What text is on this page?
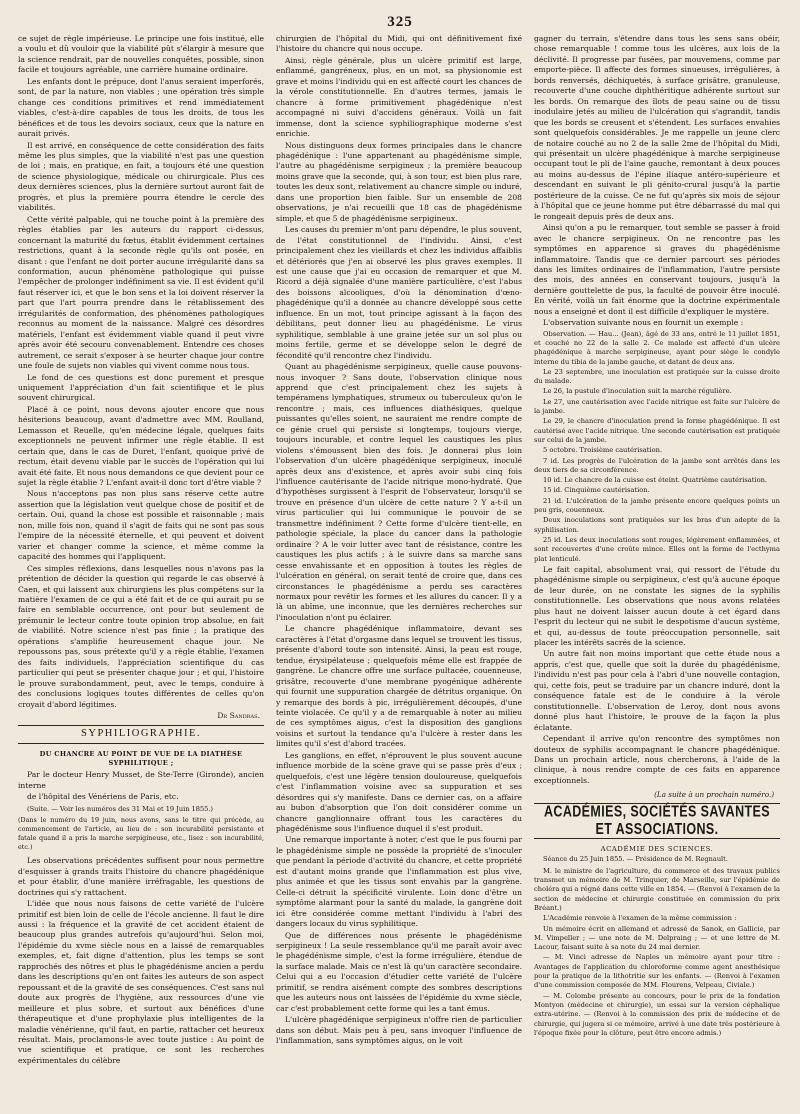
325

ce sujet de règle impérieuse. Le principe une fois institué, elle a voulu et dû vouloir que la viabilité pût s'élargir à mesure que la science rendrait, par de nouvelles conquêtes, possible, sinon facile et toujours agréable, une carrière humaine ordinaire.

Les enfants dont le prépuce, dont l'anus seraient imperforés, sont, de par la nature, non viables ; une opération très simple change ces conditions primitives et rend immédiatement viables, c'est-à-dire capables de tous les droits, de tous les bénéfices et de tous les devoirs sociaux, ceux que la nature en aurait privés.

Il est arrivé, en conséquence de cette considération des faits même les plus simples, que la viabilité n'est pas une question de loi ; mais, en pratique, en fait, a toujours été une question de science physiologique, médicale ou chirurgicale. Plus ces deux dernières sciences, plus la dernière surtout auront fait de progrès, et plus la première pourra étendre le cercle des viabilités.

Cette vérité palpable, qui ne touche point à la première des règles établies par les auteurs du rapport ci-dessus, concernant la maturité du fœtus, établit évidemment certaines restrictions, quant à la seconde règle qu'ils ont posée, en disant : que l'enfant ne doit porter aucune irrégularité dans sa conformation, aucun phénomène pathologique qui puisse l'empêcher de prolonger indéfiniment sa vie. Il est évident qu'il faut réserver ici, et que le bon sens et la loi doivent réserver la part que l'art pourra prendre dans le rétablissement des irrégularités de conformation, des phénomènes pathologiques reconnus au moment de la naissance. Malgré ces désordres matériels, l'enfant est évidemment viable quand il peut vivre après avoir été secouru convenablement. Entendre ces choses autrement, ce serait s'exposer à se heurter chaque jour contre une foule de sujets non viables qui vivent comme nous tous.

Le fond de ces questions est donc purement et presque uniquement l'appréciation d'un fait scientifique et le plus souvent chirurgical.

Placé à ce point, nous devons ajouter encore que nous hésiterions beaucoup, avant d'admettre avec MM. Roulland, Lemasson et Reuelle, qu'en médecine légale, quelques faits exceptionnels ne peuvent infirmer une règle établie. Il est certain que, dans le cas de Duret, l'enfant, quoique privé de rectum, était devenu viable par le succès de l'opération qui lui avait été faite. Et nous nous demandons ce que devient pour ce sujet la règle établie ? L'enfant avait-il donc tort d'être viable ?

Nous n'acceptons pas non plus sans réserve cette autre assertion que la législation veut quelque chose de positif et de certain. Oui, quand la chose est possible et raisonnable ; mais non, mille fois non, quand il s'agit de faits qui ne sont pas sous l'empire de la nécessité éternelle, et qui peuvent et doivent varier et changer comme la science, et même comme la capacité des hommes qui l'appliquent.

Ces simples réflexions, dans lesquelles nous n'avons pas la prétention de décider la question qui regarde le cas observé à Caen, et qui laissent aux chirurgiens les plus compétens sur la matière l'examen de ce qui a été fait et de ce qui aurait pu se faire en semblable occurrence, ont pour but seulement de prémunir le lecteur contre toute opinion trop absolue, en fait de viabilité. Notre science n'est pas finie ; la pratique des opérations s'amplifie heureusement chaque jour. Ne repoussons pas, sous prétexte qu'il y a règle établie, l'examen des faits individuels, l'appréciation scientifique du cas particulier qui peut se présenter chaque jour ; et qui, l'histoire le prouve surabondamment, peut, avec le temps, conduire à des conclusions logiques toutes différentes de celles qu'on croyait d'abord légitimes.

Dr Sandras.
SYPHILIOGRAPHIE.
DU CHANCRE AU POINT DE VUE DE LA DIATHÈSE SYPHILITIQUE ;

Par le docteur Henry Musset, de Ste-Terre (Gironde), ancien interne

de l'hôpital des Vénériens de Paris, etc.

(Suite. — Voir les numéros des 31 Mai et 19 Juin 1855.)

(Dans le numéro du 19 juin, nous avons, sans le titre qui précède, au commencement de l'article, au lieu de : son incurabilité persistante et fatale quand il a pris la marche serpigineuse, etc., lisez : son incurabilité, etc.)

Les observations précédentes suffisent pour nous permettre d'esquisser à grands traits l'histoire du chancre phagédénique et pour établir, d'une manière irréfragable, les questions de doctrines qui s'y rattachent.

L'idée que nous nous faisons de cette variété de l'ulcère primitif est bien loin de celle de l'école ancienne. Il faut le dire aussi : la fréquence et la gravité de cet accident étaient de beaucoup plus grandes autrefois qu'aujourd'hui. Selon moi, l'épidémie du xvme siècle nous en a laissé de remarquables exemples, et, fait digne d'attention, plus les temps se sont rapprochés des nôtres et plus le phagédénisme ancien a perdu dans les descriptions qu'en ont faites les auteurs de son aspect repoussant et de la gravité de ses conséquences. C'est sans nul doute aux progrès de l'hygiène, aux ressources d'une vie meilleure et plus sobre, et surtout aux bénéfices d'une thérapeutique et d'une prophylaxie plus intelligentes de la maladie vénérienne, qu'il faut, en partie, rattacher cet heureux résultat. Mais, proclamons-le avec toute justice : Au point de vue scientifique et pratique, ce sont les recherches expérimentales du célèbre

chirurgien de l'hôpital du Midi, qui ont définitivement fixé l'histoire du chancre qui nous occupe.

Ainsi, règle générale, plus un ulcère primitif est large, enflammé, gangréneux, plus, en un mot, sa physionomie est grave et moins l'individu qui en est affecté court les chances de la vérole constitutionnelle. En d'autres termes, jamais le chancre à forme primitivement phagédénique n'est accompagné ni suivi d'accidens généraux. Voilà un fait immense, dont la science syphiliographique moderne s'est enrichie.

Nous distinguons deux formes principales dans le chancre phagédénique : l'une appartenant au phagédénisme simple, l'autre au phagédénisme serpigineux ; la première beaucoup moins grave que la seconde, qui, à son tour, est bien plus rare, toutes les deux sont, relativement au chancre simple ou induré, dans une proportion bien faible. Sur un ensemble de 208 observations, je n'ai recueilli que 18 cas de phagédénisme simple, et que 5 de phagédénisme serpigineux.

Les causes du premier m'ont paru dépendre, le plus souvent, de l'état constitutionnel de l'individu. Ainsi, c'est principalement chez les vieillards et chez les individus affaiblis et détériorés que j'en ai observé les plus graves exemples. Il est une cause que j'ai eu occasion de remarquer et que M. Ricord a déjà signalée d'une manière particulière, c'est l'abus des boissons alcooliques, d'où la dénomination d'œno-phagédénique qu'il a donnée au chancre développé sous cette influence. En un mot, tout principe agissant à la façon des débilitans, peut donner lieu au phagédénisme. Le virus syphilitique, semblable à une graine jetée sur un sol plus ou moins fertile, germe et se développe selon le degré de fécondité qu'il rencontre chez l'individu.

Quant au phagédénisme serpigineux, quelle cause pouvons-nous invoquer ? Sans doute, l'observation clinique nous apprend que c'est principalement chez les sujets à tempéramens lymphatiques, strumeux ou tuberculeux qu'on le rencontre ; mais, ces influences diathésiques, quelque puissantes qu'elles soient, ne sauraient me rendre compte de ce génie cruel qui persiste si longtemps, toujours vierge, toujours incurable, et contre lequel les caustiques les plus violens s'émoussent bien des fois. Je donnerai plus loin l'observation d'un ulcère phagédénique serpigineux, inoculé après deux ans d'existence, et après avoir subi cinq fois l'influence cautérisante de l'acide nitrique mono-hydraté. Que d'hypothèses surgissent à l'esprit de l'observateur, lorsqu'il se trouve en présence d'un ulcère de cette nature ? Y a-t-il un virus particulier qui lui communique le pouvoir de se transmettre indéfiniment ? Cette forme d'ulcère tient-elle, en pathologie spéciale, la place du cancer dans la pathologie ordinaire ? A le voir lutter avec tant de résistance, contre les caustiques les plus actifs ; à le suivre dans sa marche sans cesse envahissante et en opposition à toutes les règles de l'ulcération en général, on serait tenté de croire que, dans ces circonstances le phagédénisme a perdu ses caractères normaux pour revêtir les formes et les allures du cancer. Il y a là un abîme, une inconnue, que les dernières recherches sur l'inoculation n'ont pu éclairer.

Le chancre phagédénique inflammatoire, devant ses caractères à l'état d'orgasme dans lequel se trouvent les tissus, présente d'abord toute son intensité. Ainsi, la peau est rouge, tendue, érysipélateuse ; quelquefois même elle est frappée de gangrène. Le chancre offre une surface pultacée, couenneuse, grisâtre, recouverte d'une membrane pyogénique adhérente qui fournit une suppuration chargée de détritus organique. On y remarque des bords à pic, irrégulièrement découpés, d'une teinte violacée. Ce qu'il y a de remarquable à noter au milieu de ces symptômes aigus, c'est la disposition des ganglions voisins et surtout la tendance qu'a l'ulcère à rester dans les limites qu'il s'est d'abord tracées.

Les ganglions, en effet, n'éprouvent le plus souvent aucune influence morbide de la scène grave qui se passe près d'eux ; quelquefois, c'est une légère tension douloureuse, quelquefois c'est l'inflammation voisine avec sa suppuration et ses désordres qui s'y manifeste. Dans ce dernier cas, on a affaire au bubon d'absorption que l'on doit considérer comme un chancre ganglionnaire offrant tous les caractères du phagédénisme sous l'influence duquel il s'est produit.

Une remarque importante à noter, c'est que le pus fourni par le phagédénisme simple ne possède la propriété de s'inoculer que pendant la période d'activité du chancre, et cette propriété est d'autant moins grande que l'inflammation est plus vive, plus animée et que les tissus sont envahis par la gangrène. Celle-ci détruit la spécificité virulente. Loin donc d'être un symptôme alarmant pour la santé du malade, la gangrène doit ici être considérée comme mettant l'individu à l'abri des dangers locaux du virus syphilitique.

Que de différences nous présente le phagédénisme serpigineux ! La seule ressemblance qu'il me paraît avoir avec le phagédénisme simple, c'est la forme irrégulière, étendue de la surface malade. Mais ce n'est là qu'un caractère secondaire. Celui qui a eu l'occasion d'étudier cette variété de l'ulcère primitif, se rendra aisément compte des sombres descriptions que les auteurs nous ont laissées de l'épidémie du xvme siècle, car c'est probablement cette forme qui les a tant émus.

L'ulcère phagédénique serpigineux n'offre rien de particulier dans son début. Mais peu à peu, sans invoquer l'influence de l'inflammation, sans symptômes aigus, on le voit

gagner du terrain, s'étendre dans tous les sens sans obéir, chose remarquable ! comme tous les ulcères, aux lois de la déclivité. Il progresse par fusées, par mouvemens, comme par emporte-pièce. Il affecte des formes sinueuses, irrégulières, à bords renversés, déchiquetés, à surface grisâtre, granuleuse, recouverte d'une couche diphthéritique adhérente surtout sur les bords. On remarque des îlots de peau saine ou de tissu inodulaire jetés au milieu de l'ulcération qui s'agrandit, tandis que les bords se creusent et s'étendent. Les surfaces envahies sont quelquefois considérables. Je me rappelle un jeune clerc de notaire couché au no 2 de la salle 2me de l'hôpital du Midi, qui présentait un ulcère phagédénique à marche serpigineuse occupant tout le pli de l'aine gauche, remontant à deux pouces au moins au-dessus de l'épine iliaque antéro-supérieure et descendant en suivant le pli génito-crural jusqu'à la partie postérieure de la cuisse. Ce ne fut qu'après six mois de séjour à l'hôpital que ce jeune homme put être débarrassé du mal qui le rongeait depuis près de deux ans.

Ainsi qu'on a pu le remarquer, tout semble se passer à froid avec le chancre serpigineux. On ne rencontre pas les symptômes en apparence si graves du phagédénisme inflammatoire. Tandis que ce dernier parcourt ses périodes dans les limites ordinaires de l'inflammation, l'autre persiste des mois, des années en conservant toujours, jusqu'à la dernière gouttelette de pus, la faculté de pouvoir être inoculé. En vérité, voilà un fait énorme que la doctrine expérimentale nous a enseigné et dont il est difficile d'expliquer le mystère.

L'observation suivante nous en fournit un exemple :

Observation. — Hau... (Jean), âgé de 33 ans, entré le 11 juillet 1851, et couché no 22 de la salle 2. Ce malade est affecté d'un ulcère phagédénique à marche serpigineuse, ayant pour siège le condyle interne du tibia de la jambe gauche, et datant de deux ans.

Le 23 septembre, une inoculation est pratiquée sur la cuisse droite du malade.

Le 26, la pustule d'inoculation suit la marche régulière.

Le 27, une cautérisation avec l'acide nitrique est faite sur l'ulcère de la jambe.

Le 29, le chancre d'inoculation prend la forme phagédénique. Il est cautérisé avec l'acide nitrique. Une seconde cautérisation est pratiquée sur celui de la jambe.

5 octobre. Troisième cautérisation.

7 id. Les progrès de l'ulcération de la jambe sont arrêtés dans les deux tiers de sa circonférence.

10 id. Le chancre de la cuisse est éteint. Quatrième cautérisation.

15 id. Cinquième cautérisation.

21 id. L'ulcération de la jambe présente encore quelques points un peu gris, couenneux.

Deux inoculations sont pratiquées sur les bras d'un adepte de la syphilisation.

25 id. Les deux inoculations sont rouges, légèrement enflammées, et sont recouvertes d'une croûte mince. Elles ont la forme de l'ecthyma plat lenticulé.

Le fait capital, absolument vrai, qui ressort de l'étude du phagédénisme simple ou serpigineux, c'est qu'à aucune époque de leur durée, on ne constate les signes de la syphilis constitutionnelle. Les observations que nous avons relatées plus haut ne doivent laisser aucun doute à cet égard dans l'esprit du lecteur qui ne subit le despotisme d'aucun système, et qui, au-dessus de toute préoccupation personnelle, sait placer les intérêts sacrés de la science.

Un autre fait non moins important que cette étude nous a appris, c'est que, quelle que soit la durée du phagédénisme, l'individu n'est pas pour cela à l'abri d'une nouvelle contagion, qui, cette fois, peut se traduire par un chancre induré, dont la conséquence fatale est de le conduire à la vérole constitutionnelle. L'observation de Leroy, dont nous avons donné plus haut l'histoire, le prouve de la façon la plus éclatante.

Cependant il arrive qu'on rencontre des symptômes non douteux de syphilis accompagnant le chancre phagédénique. Dans un prochain article, nous chercherons, à l'aide de la clinique, à nous rendre compte de ces faits en apparence exceptionnels.

(La suite à un prochain numéro.)
ACADÉMIES, SOCIÉTÉS SAVANTES ET ASSOCIATIONS.
ACADÉMIE DES SCIENCES.

Séance du 25 Juin 1855. — Présidence de M. Regnault.

M. le ministre de l'agriculture, du commerce et des travaux publics transmet un mémoire de M. Trinquier, de Marseille, sur l'épidémie de choléra qui a régné dans cette ville en 1854. — (Renvoi à l'examen de la section de médecine et chirurgie constituée en commission du prix Bréant.)

L'Académie renvoie à l'examen de la même commission :

Un mémoire écrit en allemand et adressé de Sanok, en Gallicie, par M. Vimpeller ; — une note de M. Delpraing ; — et une lettre de M. Lacour, faisant suite à sa note du 24 mai dernier.

— M. Vinci adresse de Naples un mémoire ayant pour titre : Avantages de l'application du chloroforme comme agent anesthésique pour la pratique de la lithotritie sur les enfants. — (Renvoi à l'examen d'une commission composée de MM. Flourens, Velpeau, Civiale.)

— M. Colombe présente au concours, pour le prix de la fondation Montyon (médecine et chirurgie), un essai sur la version céphalique extra-utérine. — (Renvoi à la commission des prix de médecine et de chirurgie, qui jugera si ce mémoire, arrivé à une date très postérieure à l'époque fixée pour la clôture, peut être encore admis.)
